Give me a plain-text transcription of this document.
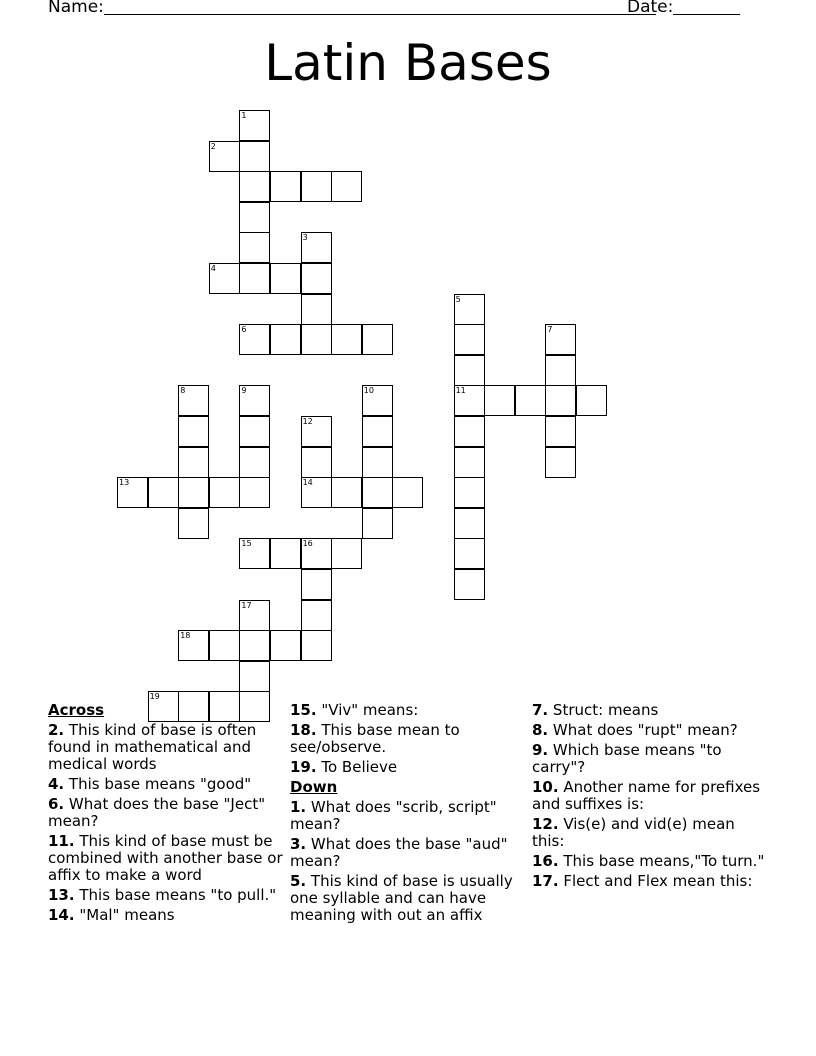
Name:	Date:
Latin Bases
1
2
3
4
6
5
11
7
8	9
13
10
12
14
15	16
17
18
19
Across
2. This kind of base is often found in mathematical and medical words
4. This base means "good"
6. What does the base "Ject" mean?
11. This kind of base must be combined with another base or affix to make a word
13. This base means "to pull."
14. "Mal" means
15. "Viv" means:
18. This base mean to see/observe.
19. To Believe
Down
1. What does "scrib, script" mean?
3. What does the base "aud" mean?
5. This kind of base is usually one syllable and can have meaning with out an affix
7. Struct: means
8. What does "rupt" mean?
9. Which base means "to carry"?
10. Another name for prefixes and suffixes is:
12. Vis(e) and vid(e) mean this:
16. This base means,"To turn."
17. Flect and Flex mean this:
